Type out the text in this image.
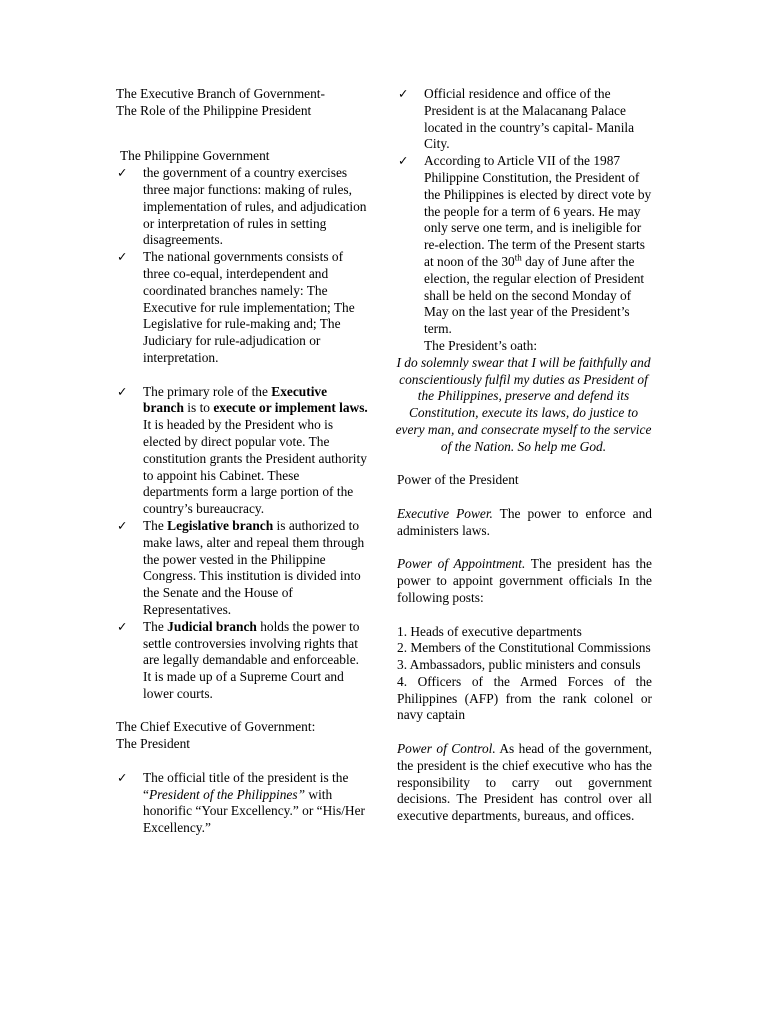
The Executive Branch of Government-

The Role of the Philippine President

The Philippine Government

✓ the government of a country exercises three major functions: making of rules, implementation of rules, and adjudication or interpretation of rules in setting disagreements.

✓ The national governments consists of three co-equal, interdependent and coordinated branches namely: The Executive for rule implementation; The Legislative for rule-making and; The Judiciary for rule-adjudication or interpretation.

✓ The primary role of the Executive branch is to execute or implement laws. It is headed by the President who is elected by direct popular vote. The constitution grants the President authority to appoint his Cabinet. These departments form a large portion of the country’s bureaucracy.

✓ The Legislative branch is authorized to make laws, alter and repeal them through the power vested in the Philippine Congress. This institution is divided into the Senate and the House of Representatives.

✓ The Judicial branch holds the power to settle controversies involving rights that are legally demandable and enforceable. It is made up of a Supreme Court and lower courts.

The Chief Executive of Government:

The President

✓ The official title of the president is the “President of the Philippines” with honorific “Your Excellency.” or “His/Her Excellency.”

✓ Official residence and office of the President is at the Malacanang Palace located in the country’s capital- Manila City.

✓ According to Article VII of the 1987 Philippine Constitution, the President of the Philippines is elected by direct vote by the people for a term of 6 years. He may only serve one term, and is ineligible for re-election. The term of the Present starts at noon of the 30th day of June after the election, the regular election of President shall be held on the second Monday of May on the last year of the President’s term.

The President’s oath:

I do solemnly swear that I will be faithfully and conscientiously fulfil my duties as President of the Philippines, preserve and defend its Constitution, execute its laws, do justice to every man, and consecrate myself to the service of the Nation. So help me God.

Power of the President

Executive Power. The power to enforce and administers laws.

Power of Appointment. The president has the power to appoint government officials In the following posts:

1. Heads of executive departments

2. Members of the Constitutional Commissions

3. Ambassadors, public ministers and consuls

4. Officers of the Armed Forces of the Philippines (AFP) from the rank colonel or navy captain

Power of Control. As head of the government, the president is the chief executive who has the responsibility to carry out government decisions. The President has control over all executive departments, bureaus, and offices.
